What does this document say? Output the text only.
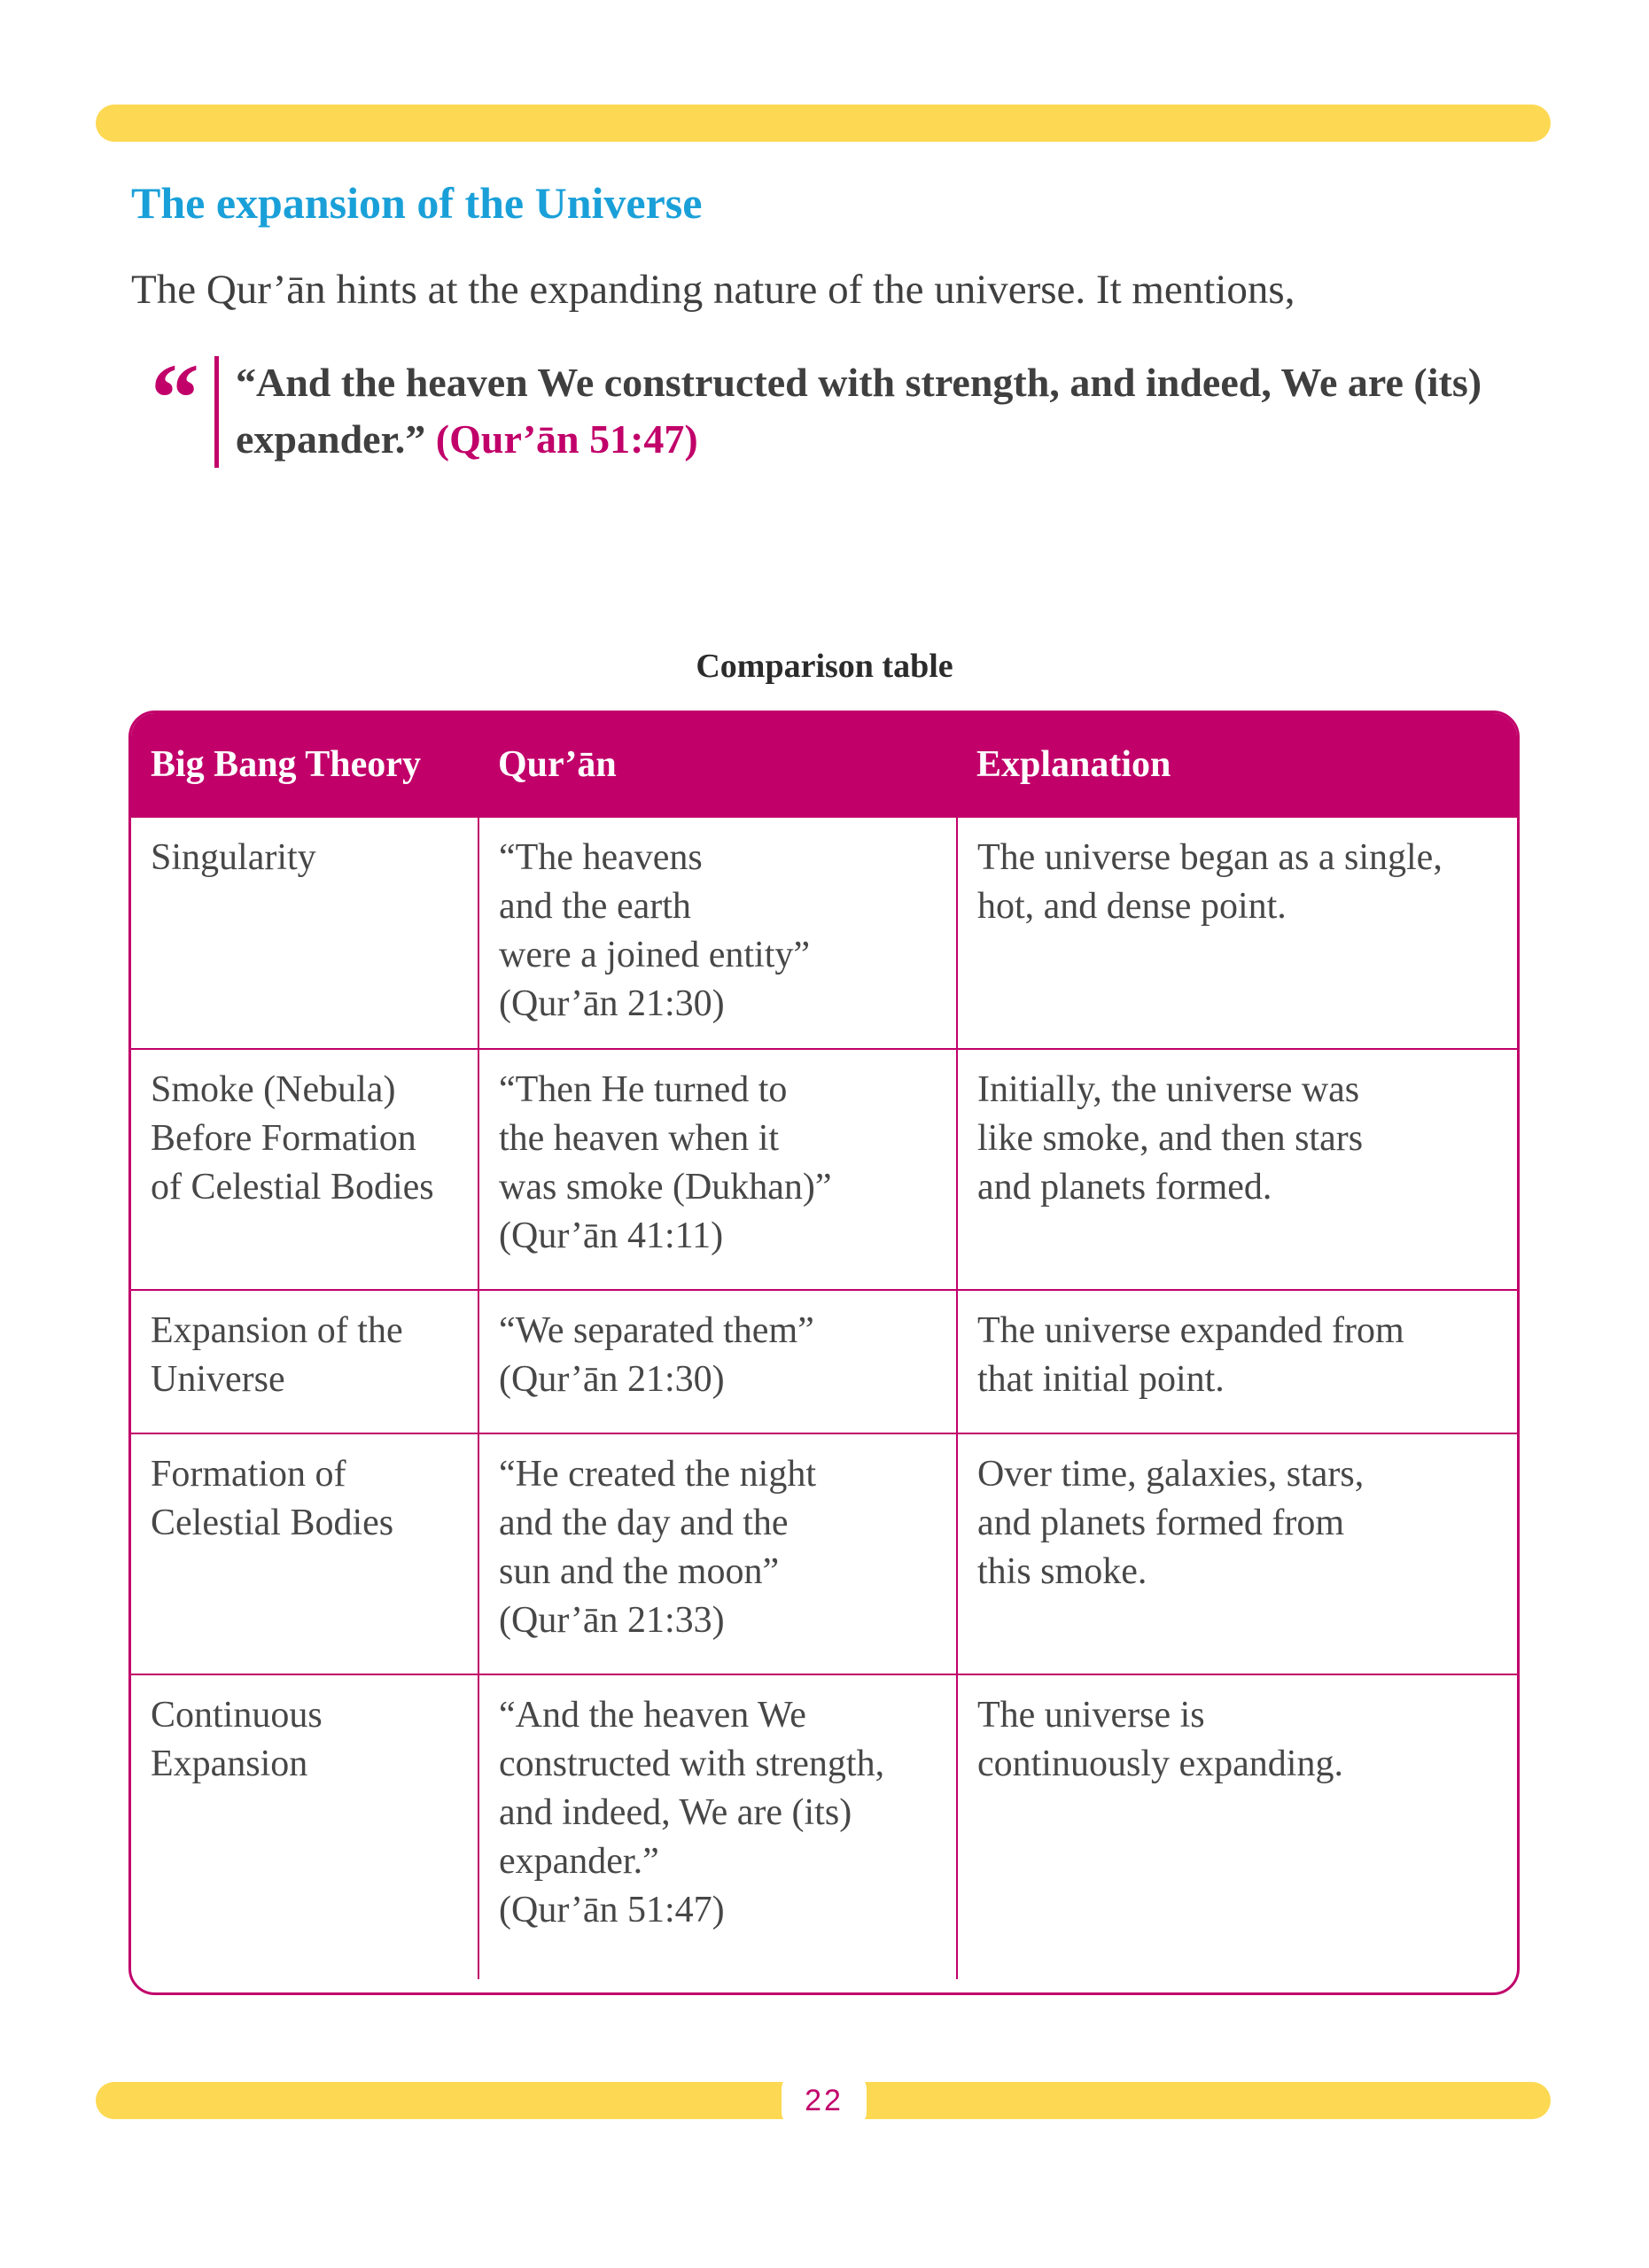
The expansion of the Universe

The Qur’ān hints at the expanding nature of the universe. It mentions,

“ “And the heaven We constructed with strength, and indeed, We are (its) expander.” (Qur’ān 51:47)

Comparison table

Big Bang Theory	Qur’ān	Explanation

Singularity	“The heavens
and the earth
were a joined entity”
(Qur’ān 21:30)	The universe began as a single,
hot, and dense point.

Smoke (Nebula)
Before Formation
of Celestial Bodies	“Then He turned to
the heaven when it
was smoke (Dukhan)”
(Qur’ān 41:11)	Initially, the universe was
like smoke, and then stars
and planets formed.

Expansion of the
Universe	“We separated them”
(Qur’ān 21:30)	The universe expanded from
that initial point.

Formation of
Celestial Bodies	“He created the night
and the day and the
sun and the moon”
(Qur’ān 21:33)	Over time, galaxies, stars,
and planets formed from
this smoke.

Continuous
Expansion	“And the heaven We
constructed with strength,
and indeed, We are (its)
expander.”
(Qur’ān 51:47)	The universe is
continuously expanding.
22
